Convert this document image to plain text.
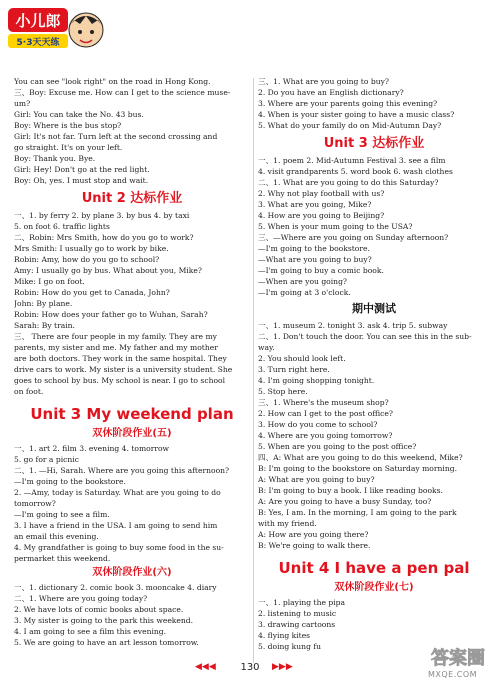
小儿郎
5·3天天练
You can see "look right" on the road in Hong Kong.
三、Boy: Excuse me. How can I get to the science muse-
um?
Girl: You can take the No. 43 bus.
Boy: Where is the bus stop?
Girl: It's not far. Turn left at the second crossing and
go straight. It's on your left.
Boy: Thank you. Bye.
Girl: Hey! Don't go at the red light.
Boy: Oh, yes. I must stop and wait.
Unit 2 达标作业
一、1. by ferry 2. by plane 3. by bus 4. by taxi
5. on foot 6. traffic lights
二、Robin: Mrs Smith, how do you go to work?
Mrs Smith: I usually go to work by bike.
Robin: Amy, how do you go to school?
Amy: I usually go by bus. What about you, Mike?
Mike: I go on foot.
Robin: How do you get to Canada, John?
John: By plane.
Robin: How does your father go to Wuhan, Sarah?
Sarah: By train.
三、 There are four people in my family. They are my
parents, my sister and me. My father and my mother
are both doctors. They work in the same hospital. They
drive cars to work. My sister is a university student. She
goes to school by bus. My school is near. I go to school
on foot.
Unit 3 My weekend plan
双休阶段作业(五)
一、1. art 2. film 3. evening 4. tomorrow
5. go for a picnic
二、1. —Hi, Sarah. Where are you going this afternoon?
—I'm going to the bookstore.
2. —Amy, today is Saturday. What are you going to do
tomorrow?
—I'm going to see a film.
3. I have a friend in the USA. I am going to send him
an email this evening.
4. My grandfather is going to buy some food in the su-
permarket this weekend.
双休阶段作业(六)
一、1. dictionary 2. comic book 3. mooncake 4. diary
二、1. Where are you going today?
2. We have lots of comic books about space.
3. My sister is going to the park this weekend.
4. I am going to see a film this evening.
5. We are going to have an art lesson tomorrow.
三、1. What are you going to buy?
2. Do you have an English dictionary?
3. Where are your parents going this evening?
4. When is your sister going to have a music class?
5. What do your family do on Mid-Autumn Day?
Unit 3 达标作业
一、1. poem 2. Mid-Autumn Festival 3. see a film
4. visit grandparents 5. word book 6. wash clothes
二、1. What are you going to do this Saturday?
2. Why not play football with us?
3. What are you going, Mike?
4. How are you going to Beijing?
5. When is your mum going to the USA?
三、—Where are you going on Sunday afternoon?
—I'm going to the bookstore.
—What are you going to buy?
—I'm going to buy a comic book.
—When are you going?
—I'm going at 3 o'clock.
期中测试
一、1. museum 2. tonight 3. ask 4. trip 5. subway
二、1. Don't touch the door. You can see this in the sub-
way.
2. You should look left.
3. Turn right here.
4. I'm going shopping tonight.
5. Stop here.
三、1. Where's the museum shop?
2. How can I get to the post office?
3. How do you come to school?
4. Where are you going tomorrow?
5. When are you going to the post office?
四、A: What are you going to do this weekend, Mike?
B: I'm going to the bookstore on Saturday morning.
A: What are you going to buy?
B: I'm going to buy a book. I like reading books.
A: Are you going to have a busy Sunday, too?
B: Yes, I am. In the morning, I am going to the park
with my friend.
A: How are you going there?
B: We're going to walk there.
Unit 4 I have a pen pal
双休阶段作业(七)
一、1. playing the pipa
2. listening to music
3. drawing cartoons
4. flying kites
5. doing kung fu
◀◀◀	130	▶▶▶	答案圈
MXQE.COM
